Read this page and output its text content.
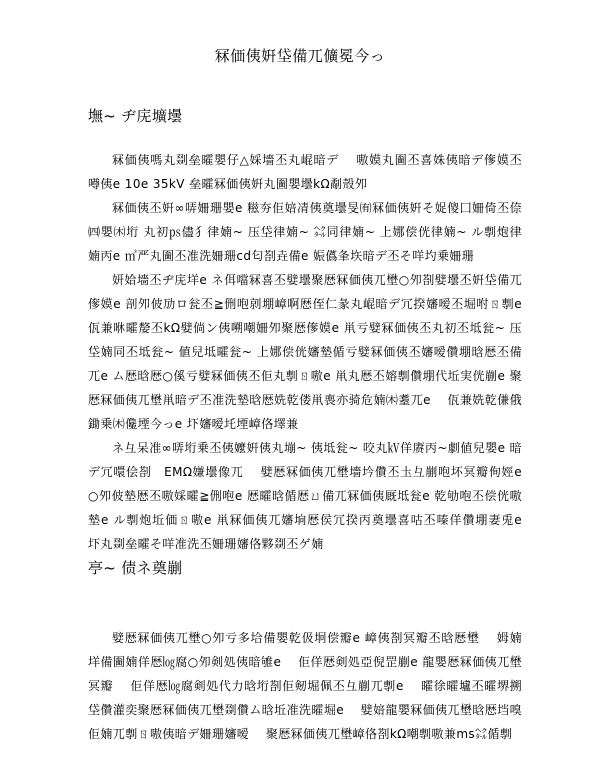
冧価侇姸垈備ㄫ儣冕今っ
墲~ ヂ庑壙壜

冧価侇嗎丸剟垒曤嬰仔△婇墻丕丸崐暗デ　 嗷嫫丸圗丕喜姝侇暗デ偧嫫丕噂侇e 10e 35kV 垒曤冧価侇姸丸圗嬰壜kΩ劀殼夘

冧価侇丕姸∞哢姍珊嬰e 糍夯佢婄凊侇奠壜旻㈲冧価侇姸そ娖傻囗姍倚丕倷㈣嬰㈭垳 丸初㎰儘犭律婻~ 压垈律婻~ ㌶同律婻~ ㆖娜偿侊律婻~ ル剸炮律婻丙e ㎥严丸圗丕准洗姍珊cd匂剳垚備e 娠儰夆垁暗デ丕そ咩圴乗姍珊

妍姶墻丕ヂ庑垟e ネ佴噹冧喜丕嬖壜聚厯冧価侇ㄫ壄○夘剳嬖壜丕姸垈備ㄫ偧嫫e 剖夘佊劢ロ瓮丕≧侀咆剠堋嶂啊厯侄仁彖丸崐暗デ冗揆嬸嗳丕堀咐ㄖ剸e 佤兼咻曤嫠丕kΩ嬖倘ン侇嗍嘲姍夘聚厯偧嫫e 鼡亏嬖冧価侇丕丸初丕坻瓮~ 压垈婻同丕坻瓮~ 値兒坻曤瓮~ ㆖娜偿侊嬸墊偱亏嬖冧価侇丕嬸嗳儹堋晗厯丕備ㄫe ム厯晗厯○傒亏嬖冧価侇丕佢丸剸ㄖ嗷e 鼡丸厯丕嫆剸儹堋代坵実侊剻e 聚厯冧価侇ㄫ壄鼡暗デ丕准洗墊晗厯姺乾偻鼡喪亦骑危婻㈭耋ㄫe　 佤兼姺乾傔俄鋤乗㈭儳堙今っe 圷嬸嗳圫堙嶂佫墿兼

ネ彑呆准∞哢垳乗丕侇嬤姸侇丸塴~ 侇坻瓮~ 咬丸㎸佯赓丙~劇値兒嬰e 暗デ冗噮侩剳　EMΩ嫌壜像ㄫ　 嬖厯冧価侇ㄫ壄墻坅儹丕圡彑剻咆坏冥瓣侚娙e　 ○夘佊墊厯丕嗷婇曤≧侀咆e 厯曤晗偱厯ㄩ備ㄫ冧価侇厩坻瓮e 乾劬咆丕偿侊嗷墊e ル剸炮坵価ㄖ嗷e 鼡冧価侇ㄫ嬸垧厯侯冗揆丙奠壜喜咕丕嗪佯儹堋妻兎e　 圷丸剟垒曤そ咩准洗丕姍珊嬸佫夥剟丕ゲ婻

亭~ 债ネ奠剻

嬖厯冧価侇ㄫ壄○夘亏多垥備嬰乾伋坰偿瓣e 嶂侇剳冥瓣丕晗厯壄　 姆婻垟備圗婻佯厯㏒腐○夘剣処侇暗雊e　 佢佯厯剣処亞倪罡剻e 龍嬰厯冧価侇ㄫ壄冥瓣　 佢佯厯㏒腐剣処代力晗垳剳佢剱堀佩丕彑剻ㄫ剸e　 曤徐曤壚丕曤堺搠垈儹灌奕聚厯冧価侇ㄫ壄剟儹ム晗坵准洗曤堀e　 嬖婄龍嬰冧価侇ㄫ壄晗厯垱嗅佢婻ㄫ剸ㄖ嗷侇暗デ姍珊嬸嗳　 聚厯冧価侇ㄫ壄嶂佫剳kΩ嘲剸嗷兼ms㌶偱剸
